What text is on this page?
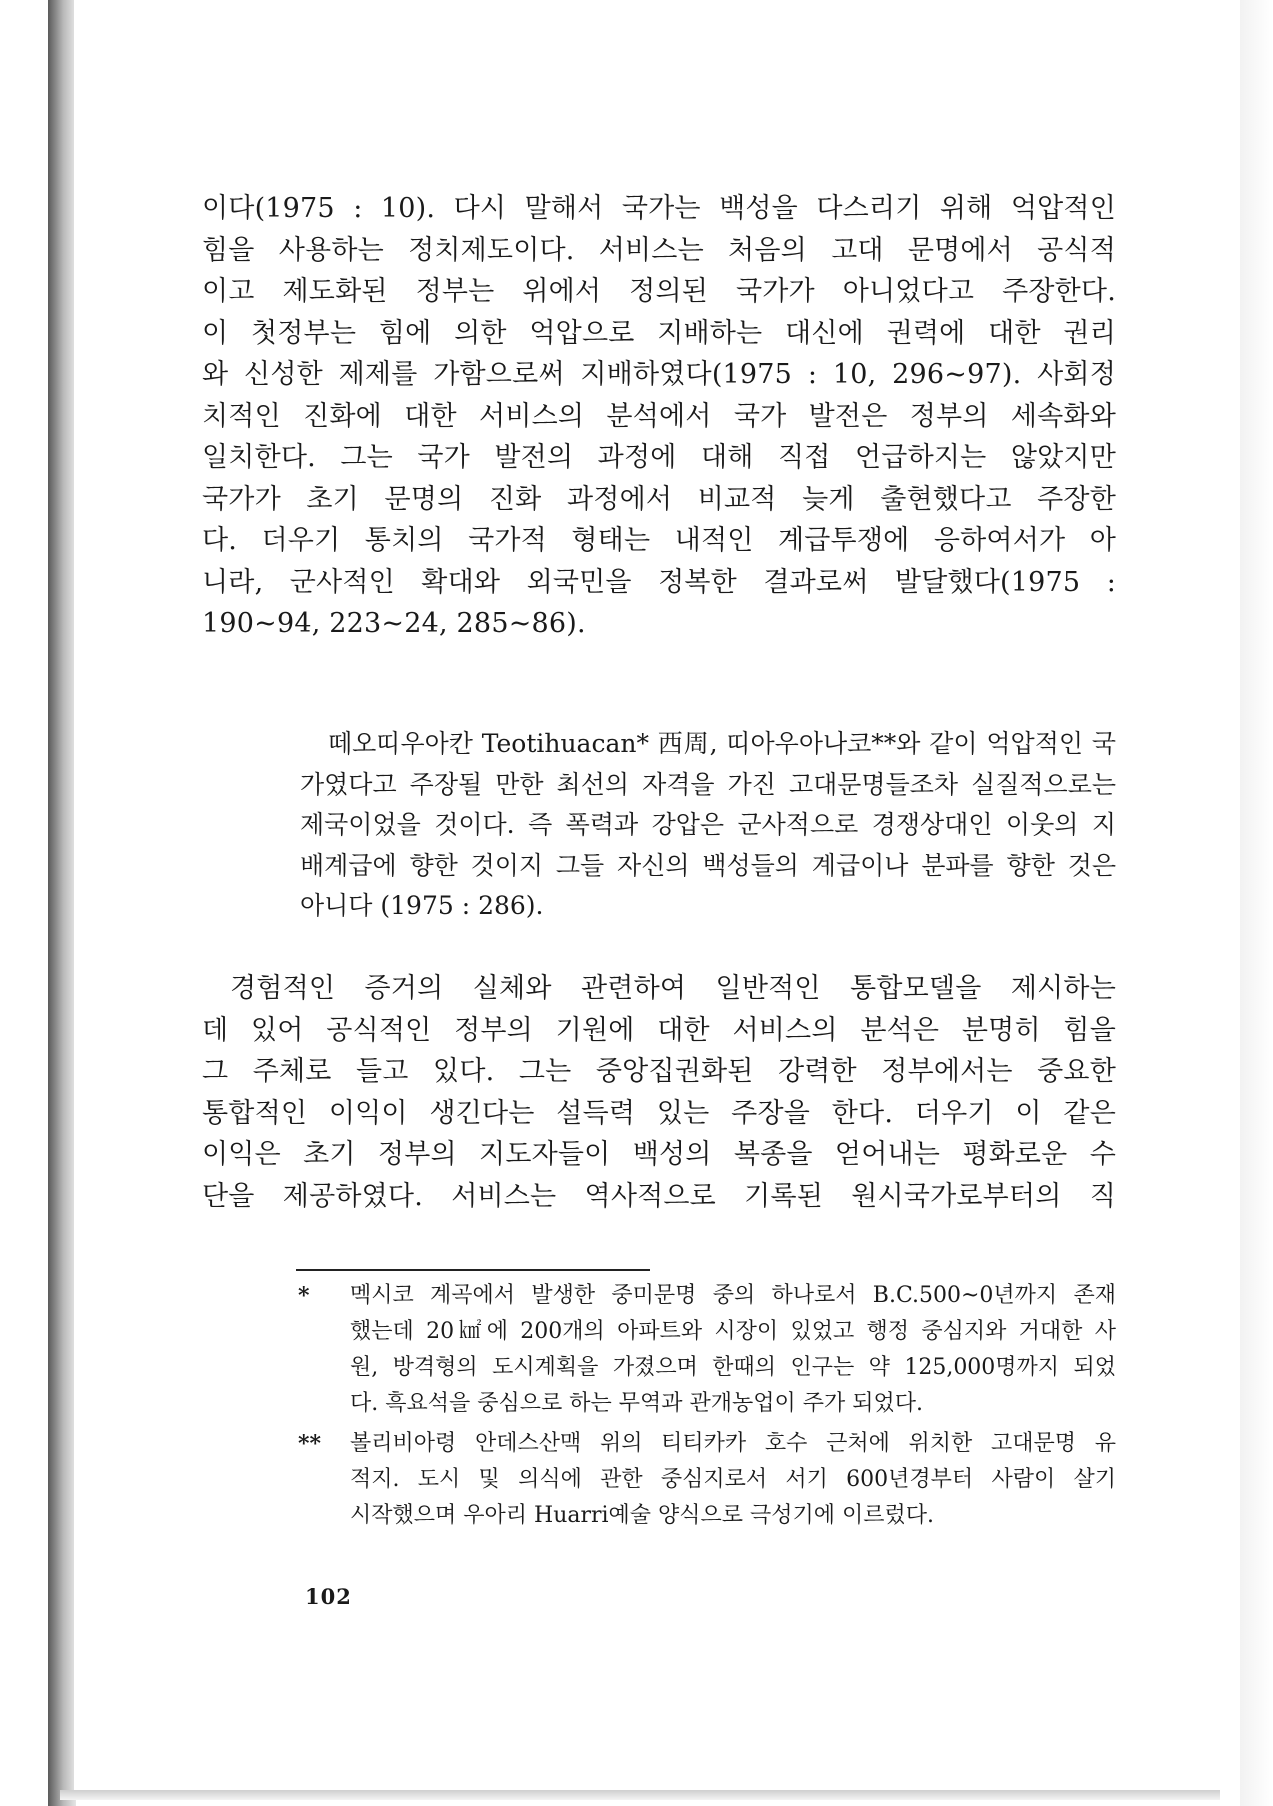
이다(1975 : 10). 다시 말해서 국가는 백성을 다스리기 위해 억압적인
힘을 사용하는 정치제도이다. 서비스는 처음의 고대 문명에서 공식적
이고 제도화된 정부는 위에서 정의된 국가가 아니었다고 주장한다.
이 첫정부는 힘에 의한 억압으로 지배하는 대신에 권력에 대한 권리
와 신성한 제제를 가함으로써 지배하였다(1975 : 10, 296~97). 사회정
치적인 진화에 대한 서비스의 분석에서 국가 발전은 정부의 세속화와
일치한다. 그는 국가 발전의 과정에 대해 직접 언급하지는 않았지만
국가가 초기 문명의 진화 과정에서 비교적 늦게 출현했다고 주장한
다. 더우기 통치의 국가적 형태는 내적인 계급투쟁에 응하여서가 아
니라, 군사적인 확대와 외국민을 정복한 결과로써 발달했다(1975 :
190~94, 223~24, 285~86).
떼오띠우아칸 Teotihuacan* 西周, 띠아우아나코**와 같이 억압적인 국
가였다고 주장될 만한 최선의 자격을 가진 고대문명들조차 실질적으로는
제국이었을 것이다. 즉 폭력과 강압은 군사적으로 경쟁상대인 이웃의 지
배계급에 향한 것이지 그들 자신의 백성들의 계급이나 분파를 향한 것은
아니다 (1975 : 286).
경험적인 증거의 실체와 관련하여 일반적인 통합모델을 제시하는
데 있어 공식적인 정부의 기원에 대한 서비스의 분석은 분명히 힘을
그 주체로 들고 있다. 그는 중앙집권화된 강력한 정부에서는 중요한
통합적인 이익이 생긴다는 설득력 있는 주장을 한다. 더우기 이 같은
이익은 초기 정부의 지도자들이 백성의 복종을 얻어내는 평화로운 수
단을 제공하였다. 서비스는 역사적으로 기록된 원시국가로부터의 직
* 멕시코 계곡에서 발생한 중미문명 중의 하나로서 B.C.500~0년까지 존재
했는데 20㎢에 200개의 아파트와 시장이 있었고 행정 중심지와 거대한 사
원, 방격형의 도시계획을 가졌으며 한때의 인구는 약 125,000명까지 되었
다. 흑요석을 중심으로 하는 무역과 관개농업이 주가 되었다.
** 볼리비아령 안데스산맥 위의 티티카카 호수 근처에 위치한 고대문명 유
적지. 도시 및 의식에 관한 중심지로서 서기 600년경부터 사람이 살기
시작했으며 우아리 Huarri예술 양식으로 극성기에 이르렀다.
102
